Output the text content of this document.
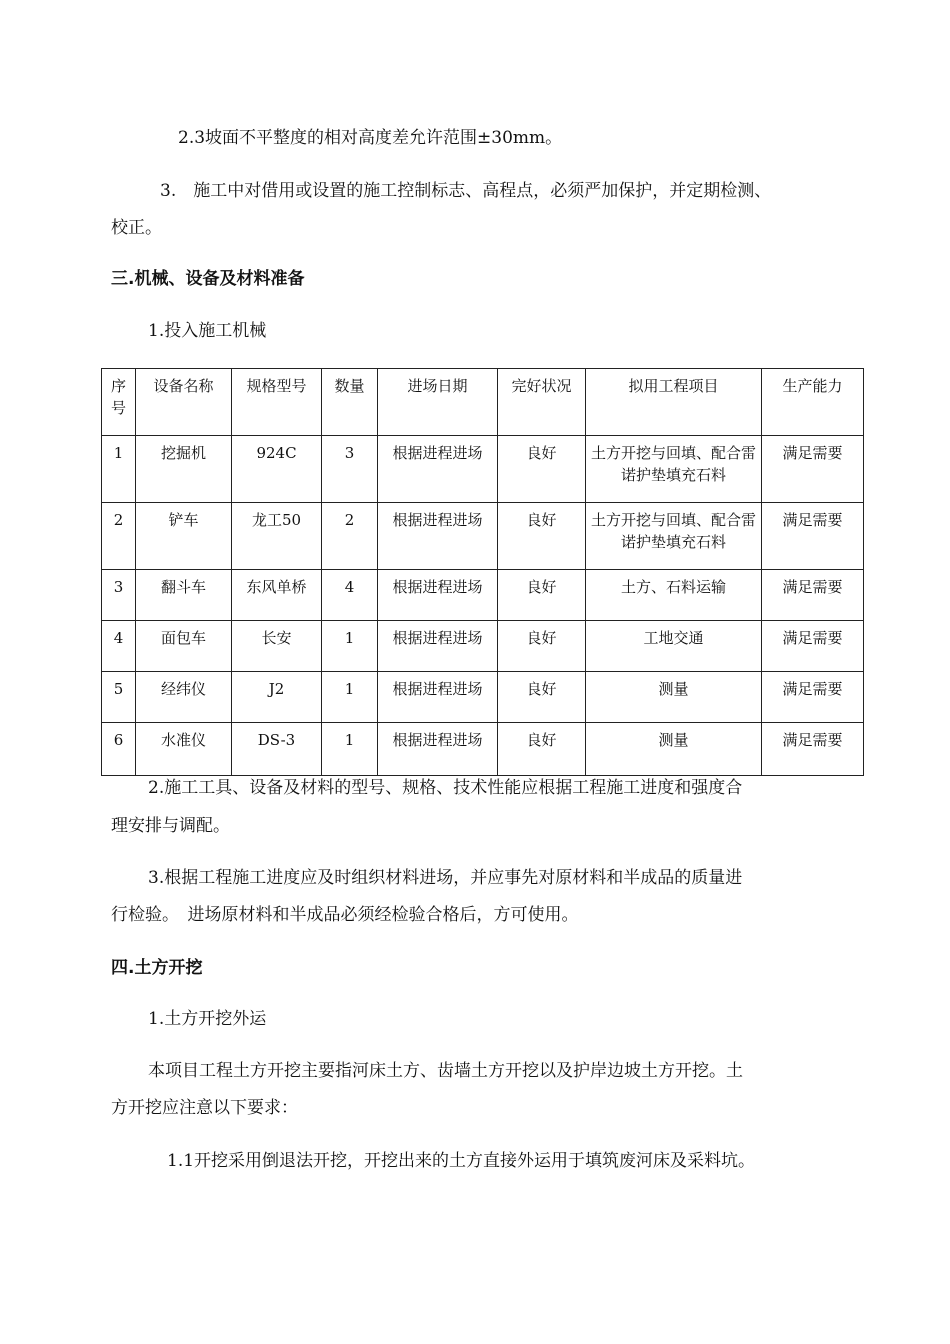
2.3坡面不平整度的相对高度差允许范围±30mm。
3.　施工中对借用或设置的施工控制标志、高程点，必须严加保护，并定期检测、
校正。
三.机械、设备及材料准备
1.投入施工机械
序号	设备名称	规格型号	数量	进场日期	完好状况	拟用工程项目	生产能力
1	挖掘机	924C	3	根据进程进场	良好	土方开挖与回填、配合雷诺护垫填充石料	满足需要
2	铲车	龙工50	2	根据进程进场	良好	土方开挖与回填、配合雷诺护垫填充石料	满足需要
3	翻斗车	东风单桥	4	根据进程进场	良好	土方、石料运输	满足需要
4	面包车	长安	1	根据进程进场	良好	工地交通	满足需要
5	经纬仪	J2	1	根据进程进场	良好	测量	满足需要
6	水准仪	DS-3	1	根据进程进场	良好	测量	满足需要
2.施工工具、设备及材料的型号、规格、技术性能应根据工程施工进度和强度合
理安排与调配。
3.根据工程施工进度应及时组织材料进场，并应事先对原材料和半成品的质量进
行检验。　进场原材料和半成品必须经检验合格后，方可使用。
四.土方开挖
1.土方开挖外运
本项目工程土方开挖主要指河床土方、齿墙土方开挖以及护岸边坡土方开挖。土
方开挖应注意以下要求：
1.1开挖采用倒退法开挖，开挖出来的土方直接外运用于填筑废河床及采料坑。
